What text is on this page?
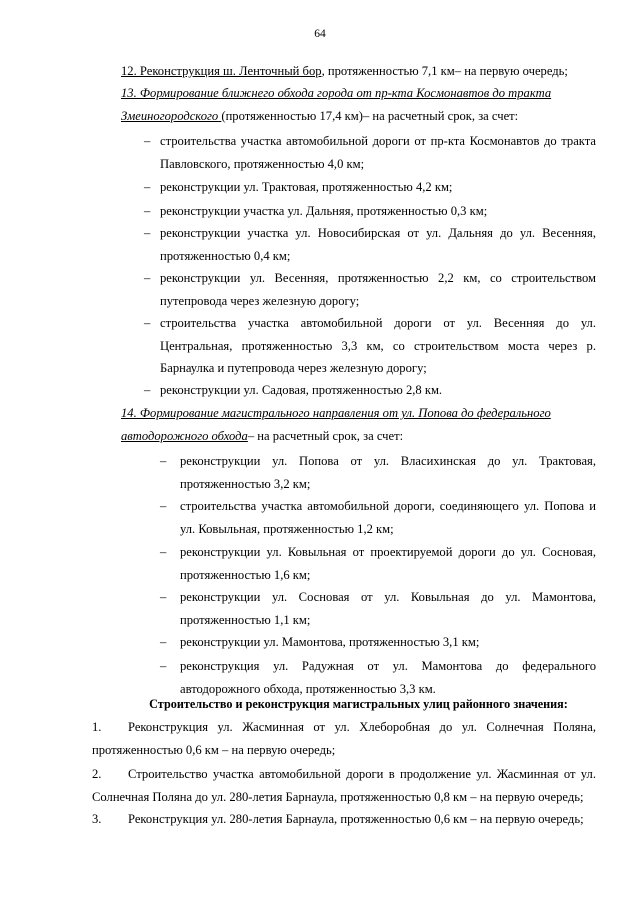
64
12. Реконструкция ш. Ленточный бор, протяженностью 7,1 км– на первую очередь;
13. Формирование ближнего обхода города от пр-кта Космонавтов до тракта
Змеиногородского (протяженностью 17,4 км)– на расчетный срок, за счет:
– строительства участка автомобильной дороги от пр-кта Космонавтов до тракта Павловского, протяженностью 4,0 км;
– реконструкции ул. Трактовая, протяженностью 4,2 км;
– реконструкции участка ул. Дальняя, протяженностью 0,3 км;
– реконструкции участка ул. Новосибирская от ул. Дальняя до ул. Весенняя, протяженностью 0,4 км;
– реконструкции ул. Весенняя, протяженностью 2,2 км, со строительством путепровода через железную дорогу;
– строительства участка автомобильной дороги от ул. Весенняя до ул. Центральная, протяженностью 3,3 км, со строительством моста через р. Барнаулка и путепровода через железную дорогу;
– реконструкции ул. Садовая, протяженностью 2,8 км.
14. Формирование магистрального направления от ул. Попова до федерального
автодорожного обхода– на расчетный срок, за счет:
– реконструкции ул. Попова от ул. Власихинская до ул. Трактовая, протяженностью 3,2 км;
– строительства участка автомобильной дороги, соединяющего ул. Попова и ул. Ковыльная, протяженностью 1,2 км;
– реконструкции ул. Ковыльная от проектируемой дороги до ул. Сосновая, протяженностью 1,6 км;
– реконструкции ул. Сосновая от ул. Ковыльная до ул. Мамонтова, протяженностью 1,1 км;
– реконструкции ул. Мамонтова, протяженностью 3,1 км;
– реконструкция ул. Радужная от ул. Мамонтова до федерального автодорожного обхода, протяженностью 3,3 км.
Строительство и реконструкция магистральных улиц районного значения:
1.	Реконструкция ул. Жасминная от ул. Хлеборобная до ул. Солнечная Поляна, протяженностью 0,6 км – на первую очередь;
2.	Строительство участка автомобильной дороги в продолжение ул. Жасминная от ул. Солнечная Поляна до ул. 280-летия Барнаула, протяженностью 0,8 км – на первую очередь;
3.	Реконструкция ул. 280-летия Барнаула, протяженностью 0,6 км – на первую очередь;
